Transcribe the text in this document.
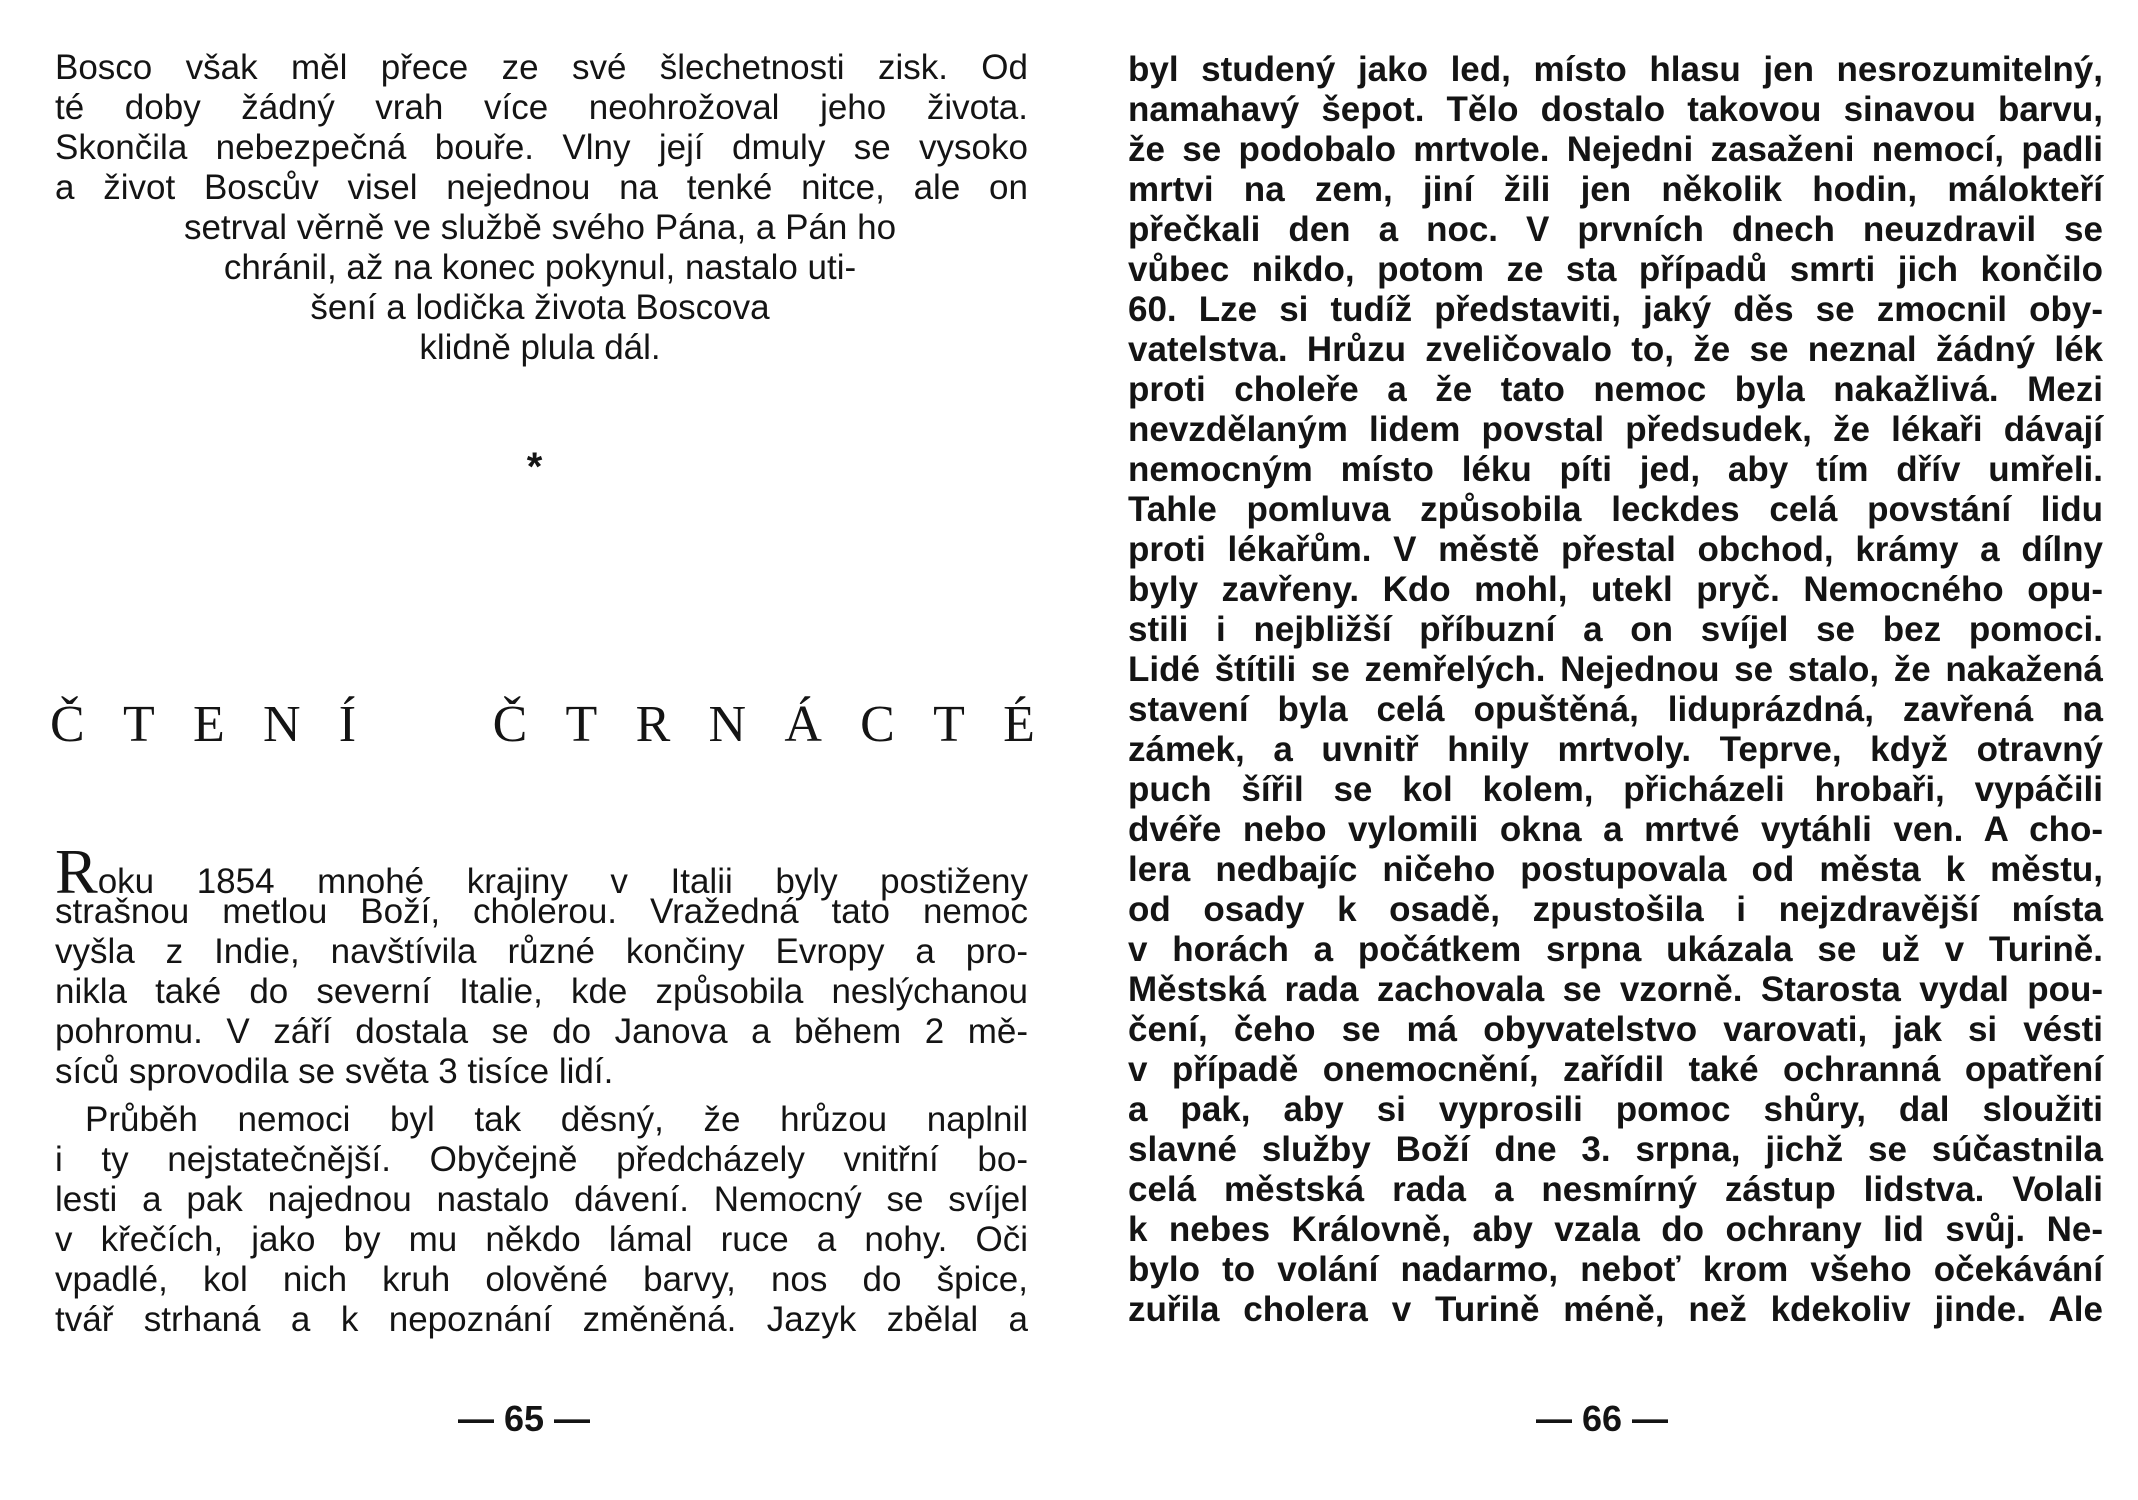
Bosco však měl přece ze své šlechetnosti zisk. Od
té doby žádný vrah více neohrožoval jeho života.
Skončila nebezpečná bouře. Vlny její dmuly se vysoko
a život Boscův visel nejednou na tenké nitce, ale on
setrval věrně ve službě svého Pána, a Pán ho
chránil, až na konec pokynul, nastalo uti-
šení a lodička života Boscova
klidně plula dál.
*
Č T E N Í	Č T R N Á C T É
Roku 1854 mnohé krajiny v Italii byly postiženy
strašnou metlou Boží, cholerou. Vražedná tato nemoc
vyšla z Indie, navštívila různé končiny Evropy a pro-
nikla také do severní Italie, kde způsobila neslýchanou
pohromu. V září dostala se do Janova a během 2 mě-
síců sprovodila se světa 3 tisíce lidí.
Průběh nemoci byl tak děsný, že hrůzou naplnil
i ty nejstatečnější. Obyčejně předcházely vnitřní bo-
lesti a pak najednou nastalo dávení. Nemocný se svíjel
v křečích, jako by mu někdo lámal ruce a nohy. Oči
vpadlé, kol nich kruh olověné barvy, nos do špice,
tvář strhaná a k nepoznání změněná. Jazyk zbělal a
— 65 —
byl studený jako led, místo hlasu jen nesrozumitelný,
namahavý šepot. Tělo dostalo takovou sinavou barvu,
že se podobalo mrtvole. Nejedni zasaženi nemocí, padli
mrtvi na zem, jiní žili jen několik hodin, málokteří
přečkali den a noc. V prvních dnech neuzdravil se
vůbec nikdo, potom ze sta případů smrti jich končilo
60. Lze si tudíž představiti, jaký děs se zmocnil oby-
vatelstva. Hrůzu zveličovalo to, že se neznal žádný lék
proti choleře a že tato nemoc byla nakažlivá. Mezi
nevzdělaným lidem povstal předsudek, že lékaři dávají
nemocným místo léku píti jed, aby tím dřív umřeli.
Tahle pomluva způsobila leckdes celá povstání lidu
proti lékařům. V městě přestal obchod, krámy a dílny
byly zavřeny. Kdo mohl, utekl pryč. Nemocného opu-
stili i nejbližší příbuzní a on svíjel se bez pomoci.
Lidé štítili se zemřelých. Nejednou se stalo, že nakažená
stavení byla celá opuštěná, liduprázdná, zavřená na
zámek, a uvnitř hnily mrtvoly. Teprve, když otravný
puch šířil se kol kolem, přicházeli hrobaři, vypáčili
dvéře nebo vylomili okna a mrtvé vytáhli ven. A cho-
lera nedbajíc ničeho postupovala od města k městu,
od osady k osadě, zpustošila i nejzdravější místa
v horách a počátkem srpna ukázala se už v Turině.
Městská rada zachovala se vzorně. Starosta vydal pou-
čení, čeho se má obyvatelstvo varovati, jak si vésti
v případě onemocnění, zařídil také ochranná opatření
a pak, aby si vyprosili pomoc shůry, dal sloužiti
slavné služby Boží dne 3. srpna, jichž se súčastnila
celá městská rada a nesmírný zástup lidstva. Volali
k nebes Královně, aby vzala do ochrany lid svůj. Ne-
bylo to volání nadarmo, neboť krom všeho očekávání
zuřila cholera v Turině méně, než kdekoliv jinde. Ale
— 66 —
